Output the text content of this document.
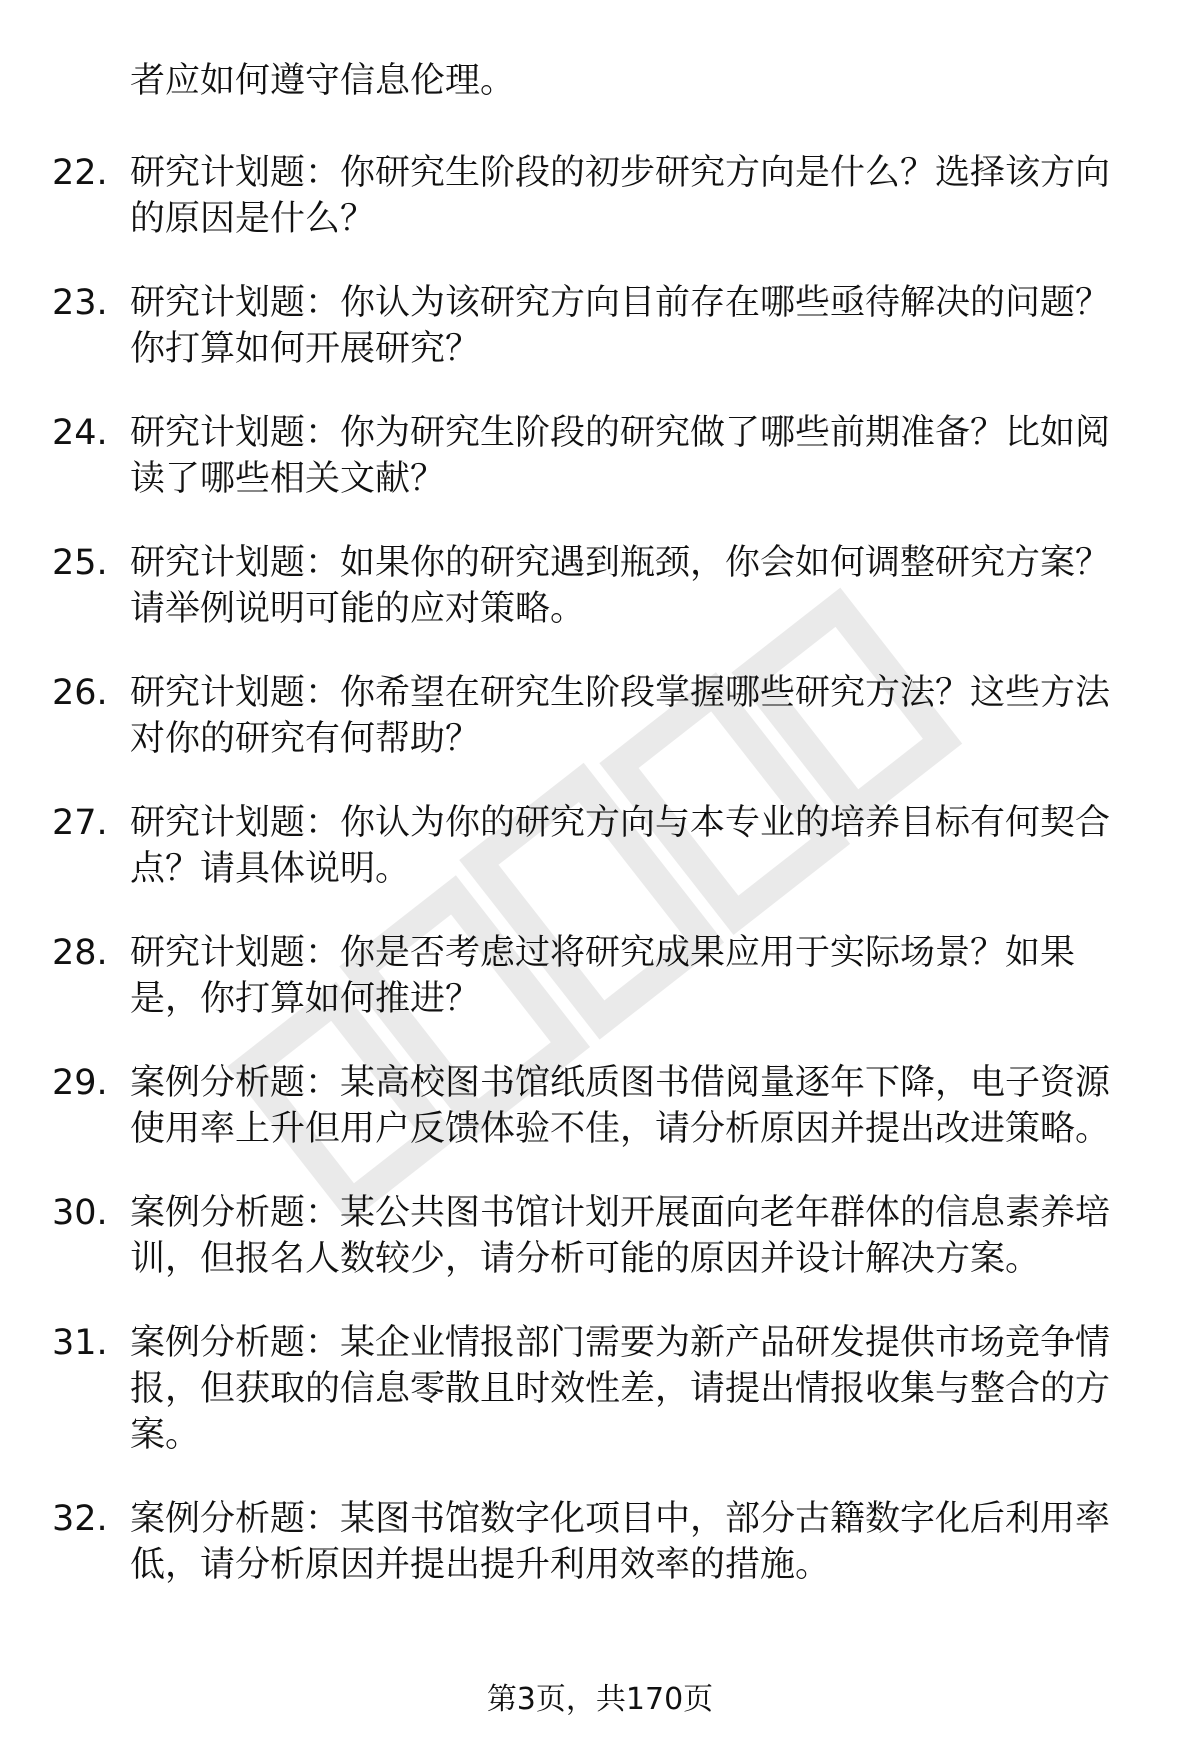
者应如何遵守信息伦理。

22. 研究计划题：你研究生阶段的初步研究方向是什么？选择该方向的原因是什么？

23. 研究计划题：你认为该研究方向目前存在哪些亟待解决的问题？你打算如何开展研究？

24. 研究计划题：你为研究生阶段的研究做了哪些前期准备？比如阅读了哪些相关文献？

25. 研究计划题：如果你的研究遇到瓶颈，你会如何调整研究方案？请举例说明可能的应对策略。

26. 研究计划题：你希望在研究生阶段掌握哪些研究方法？这些方法对你的研究有何帮助？

27. 研究计划题：你认为你的研究方向与本专业的培养目标有何契合点？请具体说明。

28. 研究计划题：你是否考虑过将研究成果应用于实际场景？如果是，你打算如何推进？

29. 案例分析题：某高校图书馆纸质图书借阅量逐年下降，电子资源使用率上升但用户反馈体验不佳，请分析原因并提出改进策略。

30. 案例分析题：某公共图书馆计划开展面向老年群体的信息素养培训，但报名人数较少，请分析可能的原因并设计解决方案。

31. 案例分析题：某企业情报部门需要为新产品研发提供市场竞争情报，但获取的信息零散且时效性差，请提出情报收集与整合的方案。

32. 案例分析题：某图书馆数字化项目中，部分古籍数字化后利用率低，请分析原因并提出提升利用效率的措施。

第3页，共170页
